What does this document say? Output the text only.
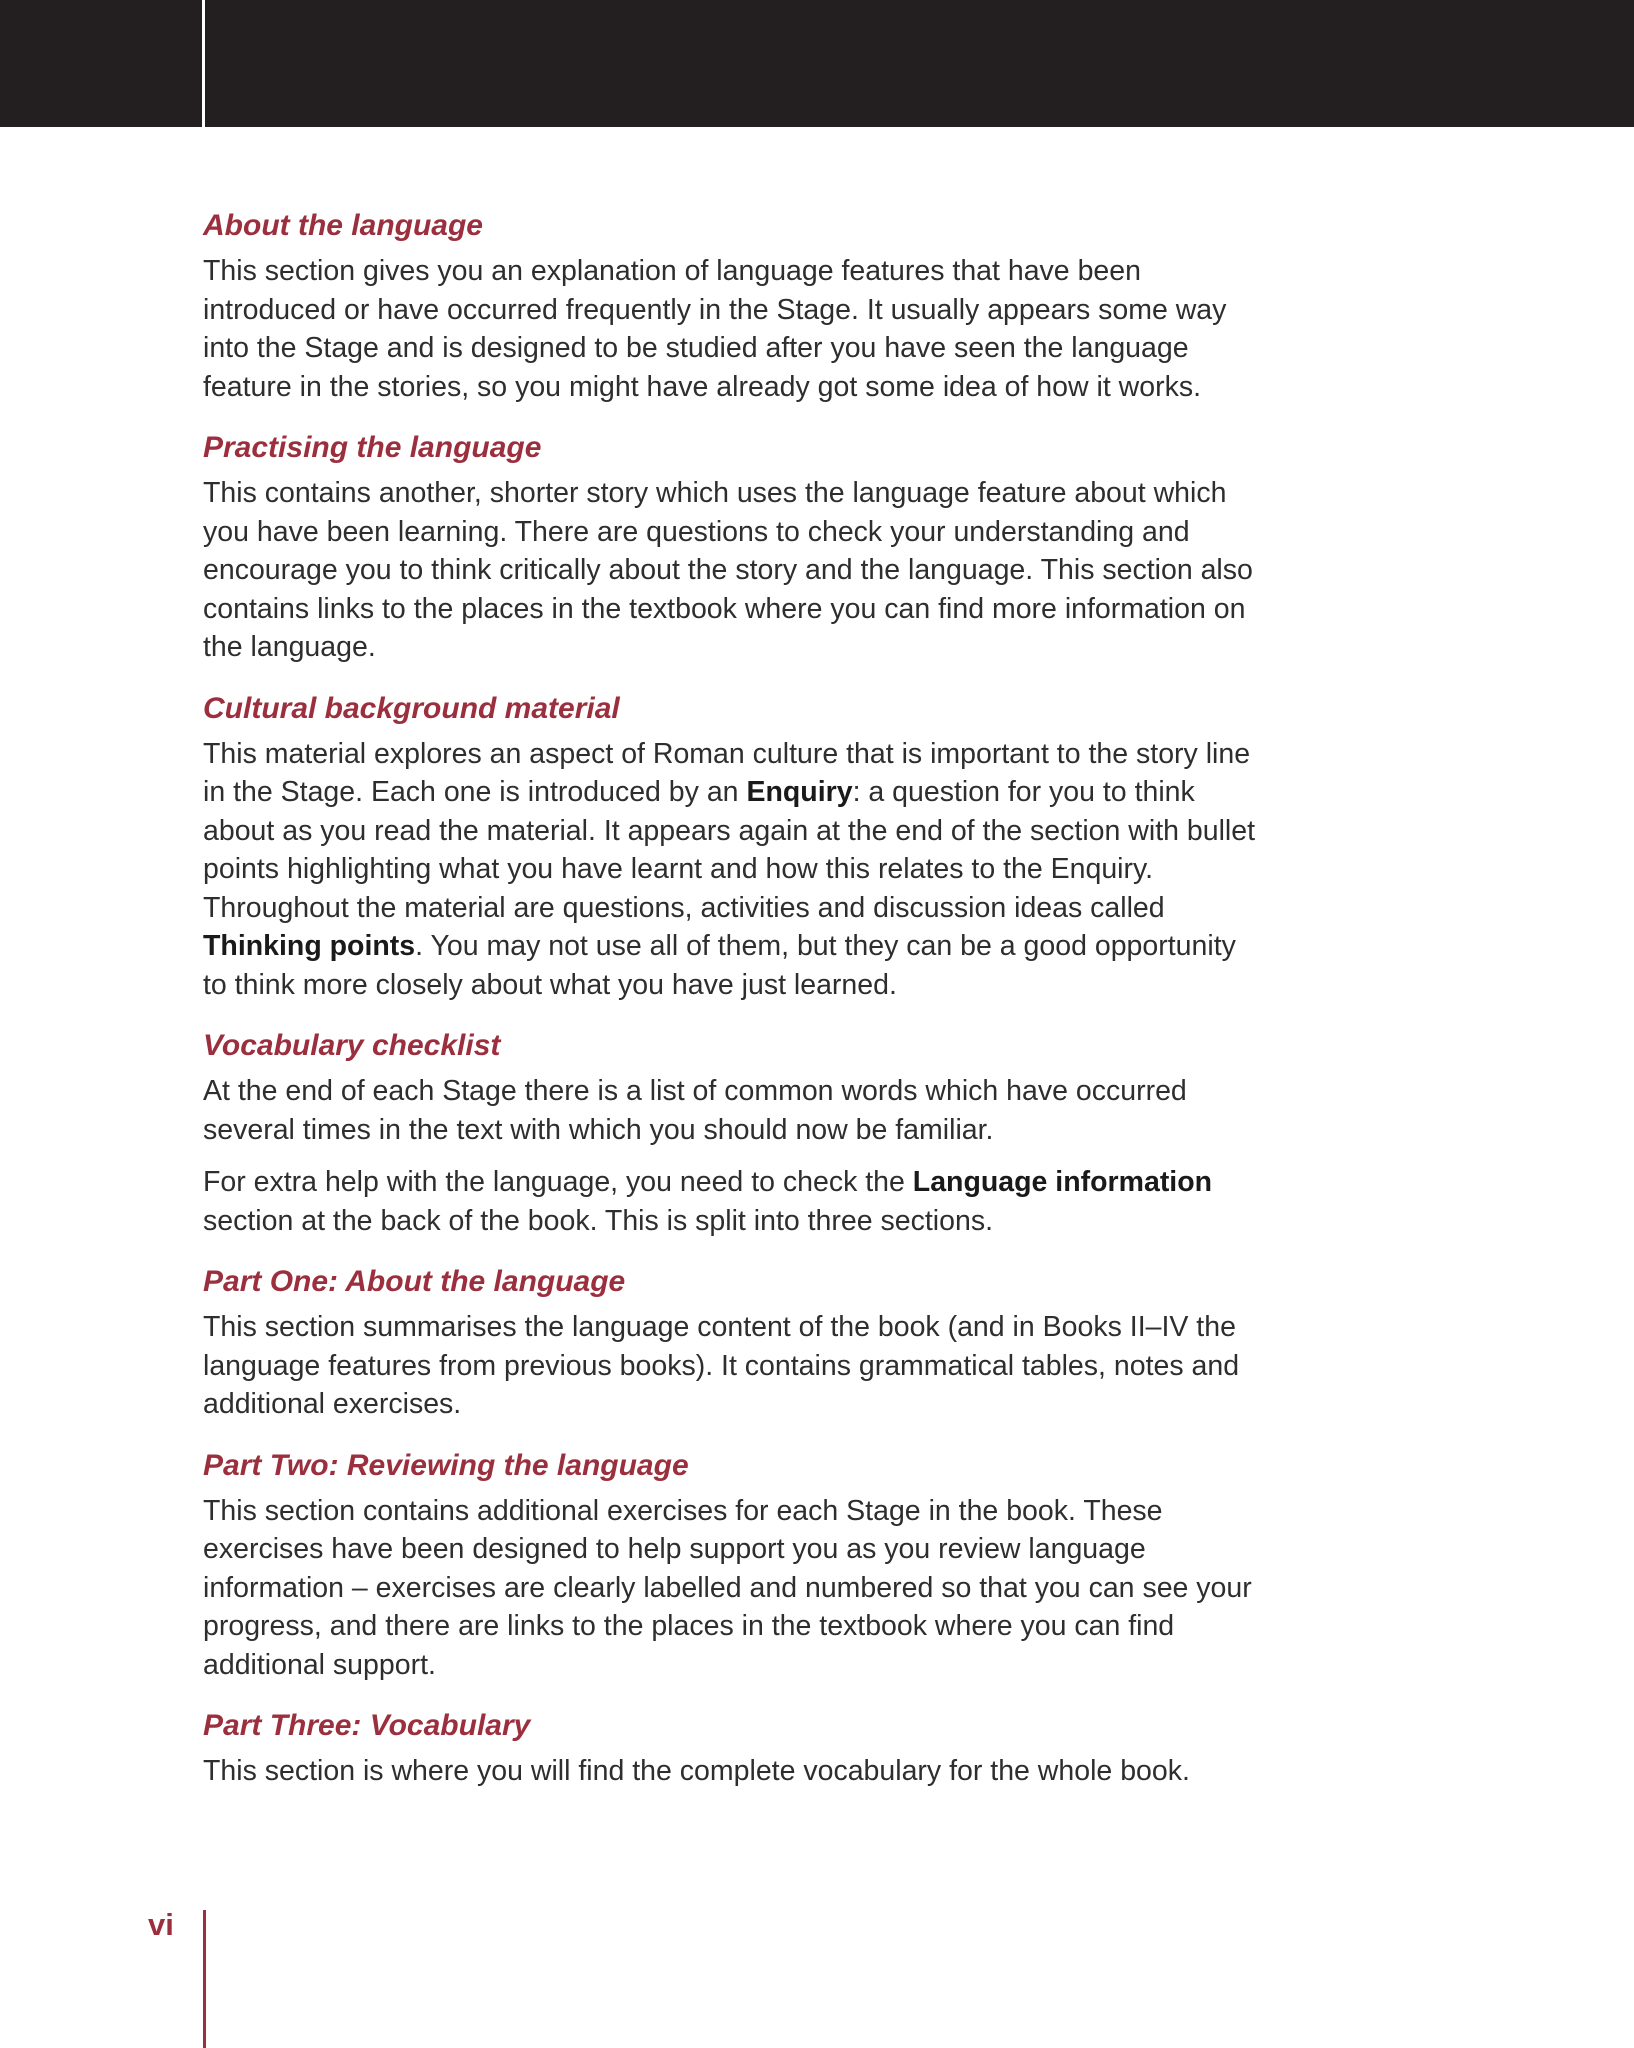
About the language

This section gives you an explanation of language features that have been introduced or have occurred frequently in the Stage. It usually appears some way into the Stage and is designed to be studied after you have seen the language feature in the stories, so you might have already got some idea of how it works.

Practising the language

This contains another, shorter story which uses the language feature about which you have been learning. There are questions to check your understanding and encourage you to think critically about the story and the language. This section also contains links to the places in the textbook where you can find more information on the language.

Cultural background material

This material explores an aspect of Roman culture that is important to the story line in the Stage. Each one is introduced by an Enquiry: a question for you to think about as you read the material. It appears again at the end of the section with bullet points highlighting what you have learnt and how this relates to the Enquiry. Throughout the material are questions, activities and discussion ideas called Thinking points. You may not use all of them, but they can be a good opportunity to think more closely about what you have just learned.

Vocabulary checklist

At the end of each Stage there is a list of common words which have occurred several times in the text with which you should now be familiar.

For extra help with the language, you need to check the Language information section at the back of the book. This is split into three sections.

Part One: About the language

This section summarises the language content of the book (and in Books II–IV the language features from previous books). It contains grammatical tables, notes and additional exercises.

Part Two: Reviewing the language

This section contains additional exercises for each Stage in the book. These exercises have been designed to help support you as you review language information – exercises are clearly labelled and numbered so that you can see your progress, and there are links to the places in the textbook where you can find additional support.

Part Three: Vocabulary

This section is where you will find the complete vocabulary for the whole book.

vi
